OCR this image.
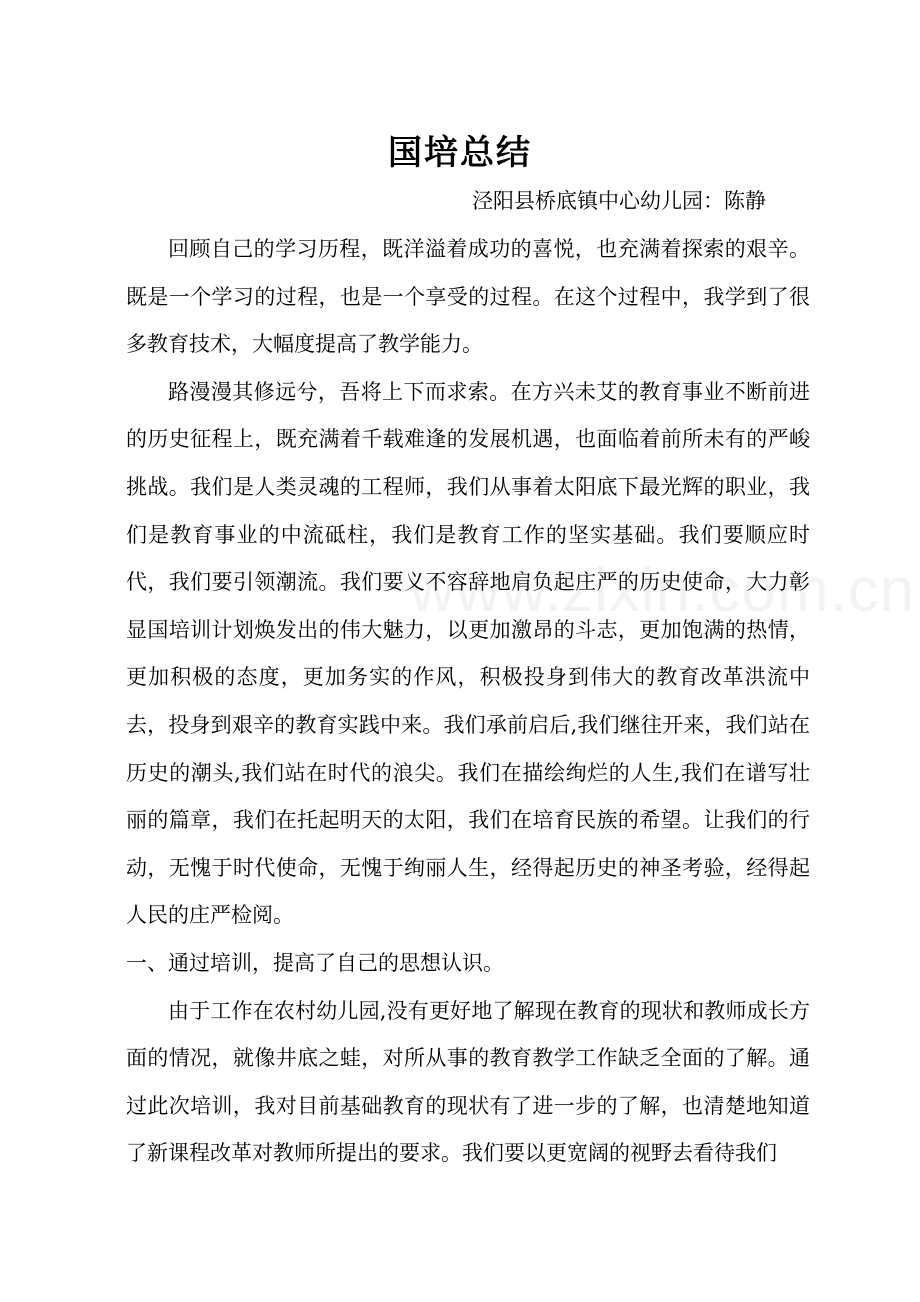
国培总结
泾阳县桥底镇中心幼儿园：陈静

回顾自己的学习历程，既洋溢着成功的喜悦，也充满着探索的艰辛。既是一个学习的过程，也是一个享受的过程。在这个过程中，我学到了很多教育技术，大幅度提高了教学能力。

路漫漫其修远兮，吾将上下而求索。在方兴未艾的教育事业不断前进的历史征程上，既充满着千载难逢的发展机遇，也面临着前所未有的严峻挑战。我们是人类灵魂的工程师，我们从事着太阳底下最光辉的职业，我们是教育事业的中流砥柱，我们是教育工作的坚实基础。我们要顺应时代，我们要引领潮流。我们要义不容辞地肩负起庄严的历史使命，大力彰显国培训计划焕发出的伟大魅力，以更加激昂的斗志，更加饱满的热情，更加积极的态度，更加务实的作风，积极投身到伟大的教育改革洪流中去，投身到艰辛的教育实践中来。我们承前启后,我们继往开来，我们站在历史的潮头,我们站在时代的浪尖。我们在描绘绚烂的人生,我们在谱写壮丽的篇章，我们在托起明天的太阳，我们在培育民族的希望。让我们的行动，无愧于时代使命，无愧于绚丽人生，经得起历史的神圣考验，经得起人民的庄严检阅。

一、通过培训，提高了自己的思想认识。

由于工作在农村幼儿园,没有更好地了解现在教育的现状和教师成长方面的情况，就像井底之蛙，对所从事的教育教学工作缺乏全面的了解。通过此次培训，我对目前基础教育的现状有了进一步的了解，也清楚地知道了新课程改革对教师所提出的要求。我们要以更宽阔的视野去看待我们
